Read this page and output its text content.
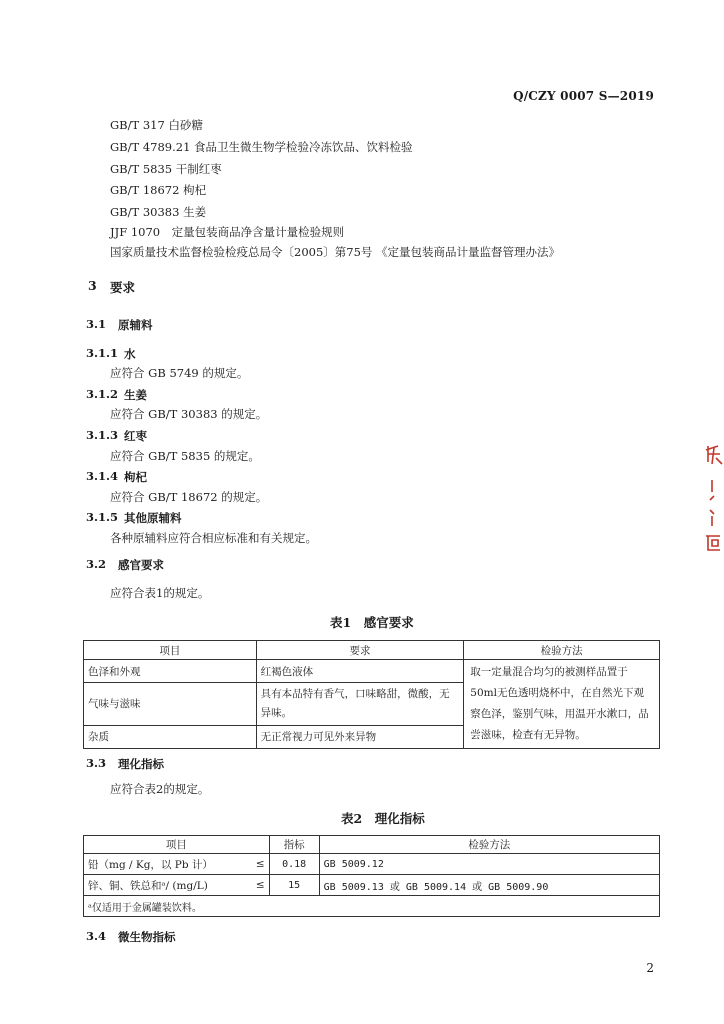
Q/CZY 0007 S—2019
GB/T 317 白砂糖
GB/T 4789.21 食品卫生微生物学检验冷冻饮品、饮料检验
GB/T 5835 干制红枣
GB/T 18672 枸杞
GB/T 30383 生姜
JJF 1070　定量包装商品净含量计量检验规则
国家质量技术监督检验检疫总局令〔2005〕第75号 《定量包装商品计量监督管理办法》
3 要求
3.1 原辅料
3.1.1 水
应符合 GB 5749 的规定。
3.1.2 生姜
应符合 GB/T 30383 的规定。
3.1.3 红枣
应符合 GB/T 5835 的规定。
3.1.4 枸杞
应符合 GB/T 18672 的规定。
3.1.5 其他原辅料
各种原辅料应符合相应标准和有关规定。
3.2 感官要求
应符合表1的规定。
表1　感官要求
项目	要求	检验方法
色泽和外观	红褐色液体	取一定量混合均匀的被测样品置于50ml无色透明烧杯中，在自然光下观察色泽，鉴别气味，用温开水漱口，品尝滋味，检查有无异物。
气味与滋味	具有本品特有香气，口味略甜，微酸，无异味。	
杂质	无正常视力可见外来异物	
3.3 理化指标
应符合表2的规定。
表2　理化指标
项目		指标	检验方法
铅（mg / Kg，以 Pb 计）	≤	0.18	GB 5009.12
锌、铜、铁总和ᵃ/ (mg/L)	≤	15	GB 5009.13 或 GB 5009.14 或 GB 5009.90
ᵃ仅适用于金属罐装饮料。			
3.4 微生物指标
2
